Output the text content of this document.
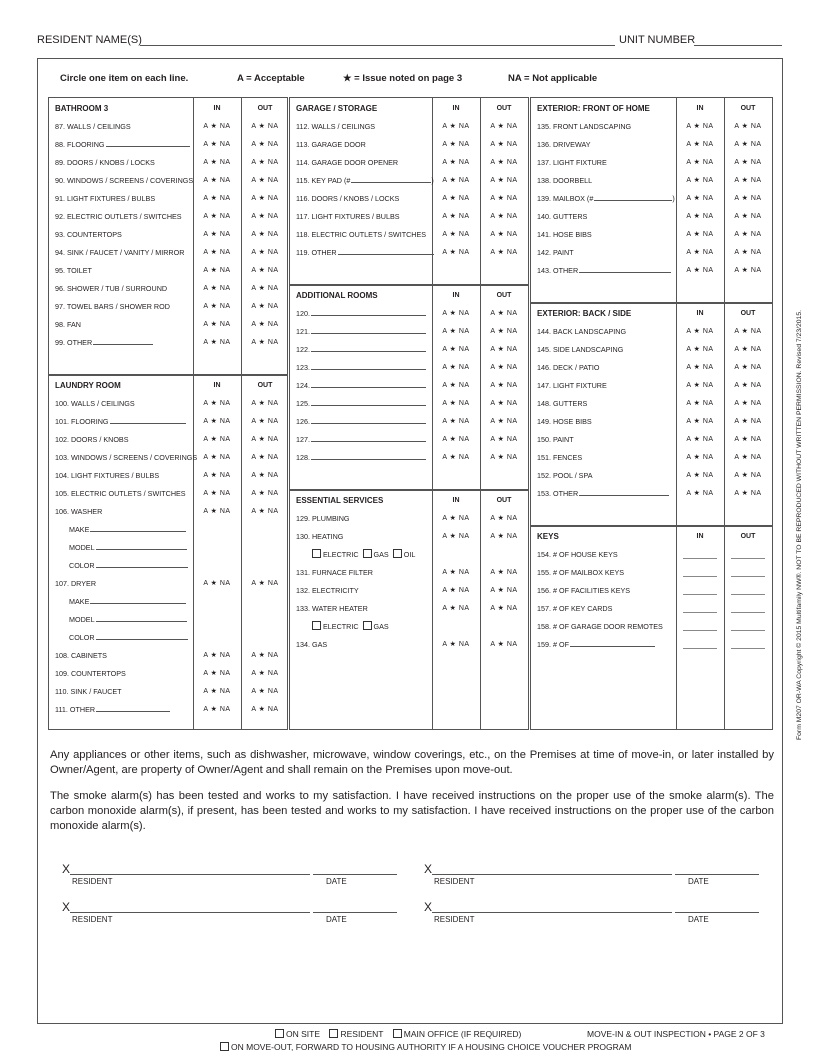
RESIDENT NAME(S)	UNIT NUMBER
Circle one item on each line.	A = Acceptable	★ = Issue noted on page 3	NA = Not applicable
BATHROOM 3	IN	OUT
87. WALLS / CEILINGS	A ★ NA	A ★ NA
88. FLOORING	A ★ NA	A ★ NA
89. DOORS / KNOBS / LOCKS	A ★ NA	A ★ NA
90. WINDOWS / SCREENS / COVERINGS	A ★ NA	A ★ NA
91. LIGHT FIXTURES / BULBS	A ★ NA	A ★ NA
92. ELECTRIC OUTLETS / SWITCHES	A ★ NA	A ★ NA
93. COUNTERTOPS	A ★ NA	A ★ NA
94. SINK / FAUCET / VANITY / MIRROR	A ★ NA	A ★ NA
95. TOILET	A ★ NA	A ★ NA
96. SHOWER / TUB / SURROUND	A ★ NA	A ★ NA
97. TOWEL BARS / SHOWER ROD	A ★ NA	A ★ NA
98. FAN	A ★ NA	A ★ NA
99. OTHER	A ★ NA	A ★ NA
LAUNDRY ROOM	IN	OUT
100. WALLS / CEILINGS	A ★ NA	A ★ NA
101. FLOORING	A ★ NA	A ★ NA
102. DOORS / KNOBS	A ★ NA	A ★ NA
103. WINDOWS / SCREENS / COVERINGS A ★ NA	A ★ NA
104. LIGHT FIXTURES / BULBS	A ★ NA	A ★ NA
105. ELECTRIC OUTLETS / SWITCHES	A ★ NA	A ★ NA
106. WASHER	A ★ NA	A ★ NA
MAKE
MODEL
COLOR
107. DRYER	A ★ NA	A ★ NA
MAKE
MODEL
COLOR
108. CABINETS	A ★ NA	A ★ NA
109. COUNTERTOPS	A ★ NA	A ★ NA
110. SINK / FAUCET	A ★ NA	A ★ NA
111. OTHER	A ★ NA	A ★ NA
GARAGE / STORAGE	IN	OUT
112. WALLS / CEILINGS	A ★ NA	A ★ NA
113. GARAGE DOOR	A ★ NA	A ★ NA
114. GARAGE DOOR OPENER	A ★ NA	A ★ NA
115. KEY PAD (#	)	A ★ NA	A ★ NA
116. DOORS / KNOBS / LOCKS	A ★ NA	A ★ NA
117. LIGHT FIXTURES / BULBS	A ★ NA	A ★ NA
118. ELECTRIC OUTLETS / SWITCHES	A ★ NA	A ★ NA
119. OTHER	A ★ NA	A ★ NA
ADDITIONAL ROOMS	IN	OUT
120.	A ★ NA	A ★ NA
121.	A ★ NA	A ★ NA
122.	A ★ NA	A ★ NA
123.	A ★ NA	A ★ NA
124.	A ★ NA	A ★ NA
125.	A ★ NA	A ★ NA
126.	A ★ NA	A ★ NA
127.	A ★ NA	A ★ NA
128.	A ★ NA	A ★ NA
ESSENTIAL SERVICES	IN	OUT
129. PLUMBING	A ★ NA	A ★ NA
130. HEATING	A ★ NA	A ★ NA
ELECTRIC GAS OIL
131. FURNACE FILTER	A ★ NA	A ★ NA
132. ELECTRICITY	A ★ NA	A ★ NA
133. WATER HEATER	A ★ NA	A ★ NA
ELECTRIC GAS
134. GAS	A ★ NA	A ★ NA
EXTERIOR: FRONT OF HOME	IN	OUT
135. FRONT LANDSCAPING	A ★ NA	A ★ NA
136. DRIVEWAY	A ★ NA	A ★ NA
137. LIGHT FIXTURE	A ★ NA	A ★ NA
138. DOORBELL	A ★ NA	A ★ NA
139. MAILBOX (#	)	A ★ NA	A ★ NA
140. GUTTERS	A ★ NA	A ★ NA
141. HOSE BIBS	A ★ NA	A ★ NA
142. PAINT	A ★ NA	A ★ NA
143. OTHER	A ★ NA	A ★ NA
EXTERIOR: BACK / SIDE	IN	OUT
144. BACK LANDSCAPING	A ★ NA	A ★ NA
145. SIDE LANDSCAPING	A ★ NA	A ★ NA
146. DECK / PATIO	A ★ NA	A ★ NA
147. LIGHT FIXTURE	A ★ NA	A ★ NA
148. GUTTERS	A ★ NA	A ★ NA
149. HOSE BIBS	A ★ NA	A ★ NA
150. PAINT	A ★ NA	A ★ NA
151. FENCES	A ★ NA	A ★ NA
152. POOL / SPA	A ★ NA	A ★ NA
153. OTHER	A ★ NA	A ★ NA
KEYS	IN	OUT
154. # OF HOUSE KEYS
155. # OF MAILBOX KEYS
156. # OF FACILITIES KEYS
157. # OF KEY CARDS
158. # OF GARAGE DOOR REMOTES
159. # OF
Any appliances or other items, such as dishwasher, microwave, window coverings, etc., on the Premises at time of move-in, or later installed by Owner/Agent, are property of Owner/Agent and shall remain on the Premises upon move-out.
The smoke alarm(s) has been tested and works to my satisfaction. I have received instructions on the proper use of the smoke alarm(s). The carbon monoxide alarm(s), if present, has been tested and works to my satisfaction. I have received instructions on the proper use of the carbon monoxide alarm(s).
X
RESIDENT	DATE
X
RESIDENT	DATE
X
RESIDENT	DATE
X
RESIDENT	DATE
ON SITE RESIDENT MAIN OFFICE (IF REQUIRED)	MOVE-IN & OUT INSPECTION • PAGE 2 OF 3
ON MOVE-OUT, FORWARD TO HOUSING AUTHORITY IF A HOUSING CHOICE VOUCHER PROGRAM
Form M207 OR-WA Copyright © 2015 Multifamily NW®. NOT TO BE REPRODUCED WITHOUT WRITTEN PERMISSION. Revised 7/23/2015.
